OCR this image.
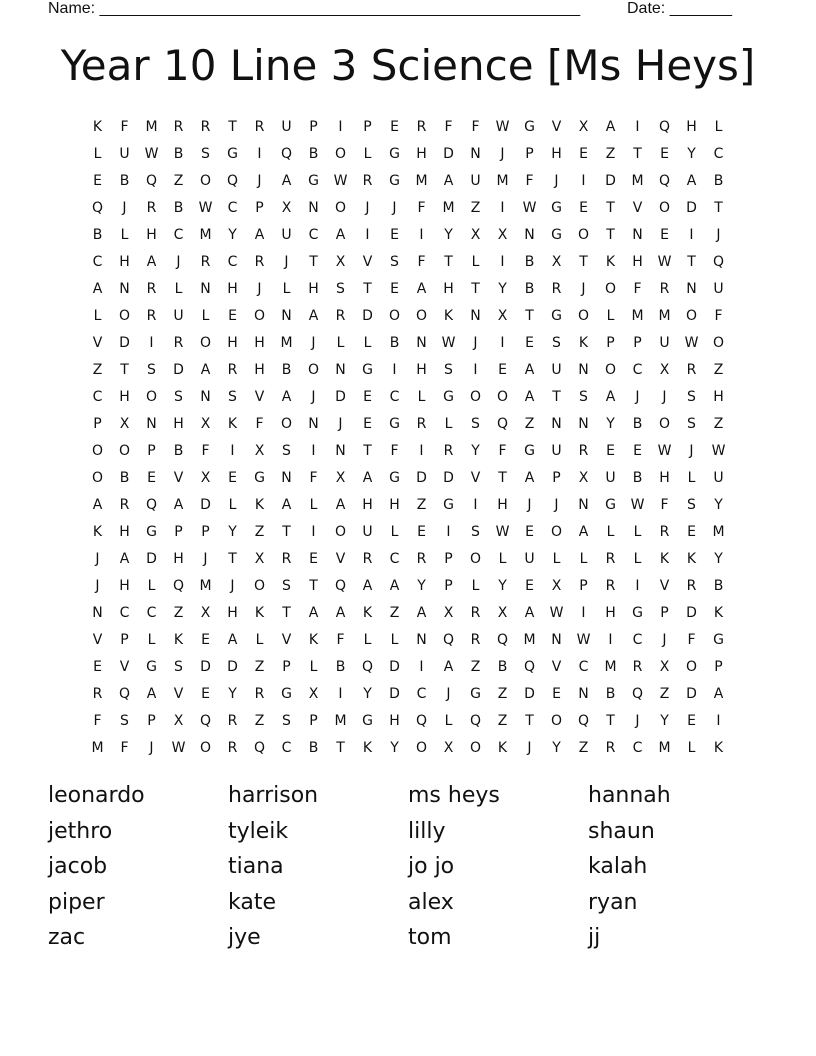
Name: ______________________________________________________	Date: _______
Year 10 Line 3 Science [Ms Heys]
K	F	M	R	R	T	R	U	P	I	P	E	R	F	F	W	G	V	X	A	I	Q	H	L
L	U	W	B	S	G	I	Q	B	O	L	G	H	D	N	J	P	H	E	Z	T	E	Y	C
E	B	Q	Z	O	Q	J	A	G	W	R	G	M	A	U	M	F	J	I	D	M	Q	A	B
Q	J	R	B	W	C	P	X	N	O	J	J	F	M	Z	I	W	G	E	T	V	O	D	T
B	L	H	C	M	Y	A	U	C	A	I	E	I	Y	X	X	N	G	O	T	N	E	I	J
C	H	A	J	R	C	R	J	T	X	V	S	F	T	L	I	B	X	T	K	H	W	T	Q
A	N	R	L	N	H	J	L	H	S	T	E	A	H	T	Y	B	R	J	O	F	R	N	U
L	O	R	U	L	E	O	N	A	R	D	O	O	K	N	X	T	G	O	L	M	M	O	F
V	D	I	R	O	H	H	M	J	L	L	B	N	W	J	I	E	S	K	P	P	U	W	O
Z	T	S	D	A	R	H	B	O	N	G	I	H	S	I	E	A	U	N	O	C	X	R	Z
C	H	O	S	N	S	V	A	J	D	E	C	L	G	O	O	A	T	S	A	J	J	S	H
P	X	N	H	X	K	F	O	N	J	E	G	R	L	S	Q	Z	N	N	Y	B	O	S	Z
O	O	P	B	F	I	X	S	I	N	T	F	I	R	Y	F	G	U	R	E	E	W	J	W
O	B	E	V	X	E	G	N	F	X	A	G	D	D	V	T	A	P	X	U	B	H	L	U
A	R	Q	A	D	L	K	A	L	A	H	H	Z	G	I	H	J	J	N	G	W	F	S	Y
K	H	G	P	P	Y	Z	T	I	O	U	L	E	I	S	W	E	O	A	L	L	R	E	M
J	A	D	H	J	T	X	R	E	V	R	C	R	P	O	L	U	L	L	R	L	K	K	Y
J	H	L	Q	M	J	O	S	T	Q	A	A	Y	P	L	Y	E	X	P	R	I	V	R	B
N	C	C	Z	X	H	K	T	A	A	K	Z	A	X	R	X	A	W	I	H	G	P	D	K
V	P	L	K	E	A	L	V	K	F	L	L	N	Q	R	Q	M	N	W	I	C	J	F	G
E	V	G	S	D	D	Z	P	L	B	Q	D	I	A	Z	B	Q	V	C	M	R	X	O	P
R	Q	A	V	E	Y	R	G	X	I	Y	D	C	J	G	Z	D	E	N	B	Q	Z	D	A
F	S	P	X	Q	R	Z	S	P	M	G	H	Q	L	Q	Z	T	O	Q	T	J	Y	E	I
M	F	J	W	O	R	Q	C	B	T	K	Y	O	X	O	K	J	Y	Z	R	C	M	L	K
leonardo	harrison	ms heys	hannah
jethro	tyleik	lilly	shaun
jacob	tiana	jo jo	kalah
piper	kate	alex	ryan
zac	jye	tom	jj
